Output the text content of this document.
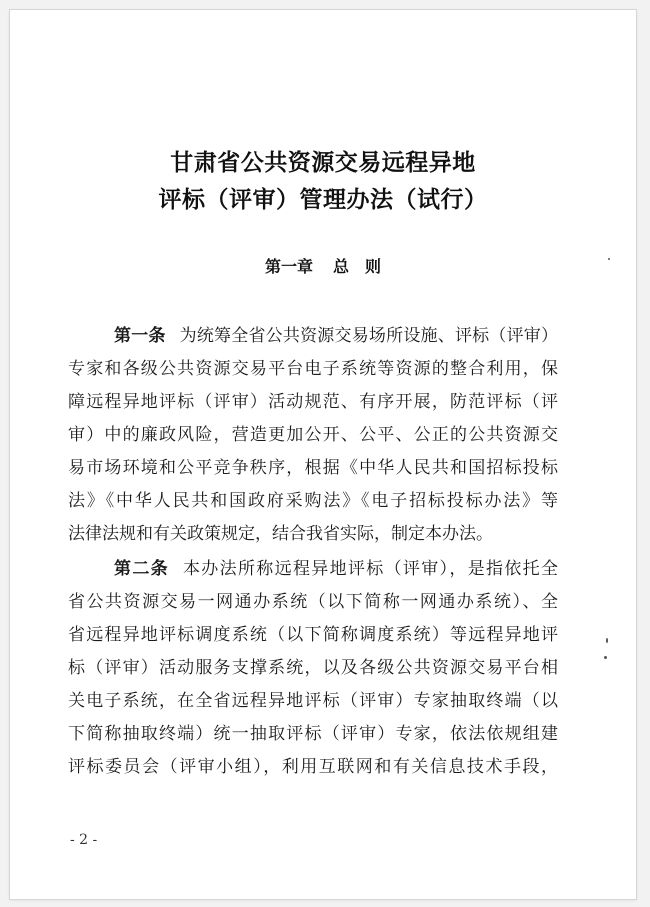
甘肃省公共资源交易远程异地
评标（评审）管理办法（试行）
第一章 总　则
第一条 为统筹全省公共资源交易场所设施、评标（评审）
专家和各级公共资源交易平台电子系统等资源的整合利用，保
障远程异地评标（评审）活动规范、有序开展，防范评标（评
审）中的廉政风险，营造更加公开、公平、公正的公共资源交
易市场环境和公平竞争秩序，根据《中华人民共和国招标投标
法》《中华人民共和国政府采购法》《电子招标投标办法》等
法律法规和有关政策规定，结合我省实际，制定本办法。
第二条 本办法所称远程异地评标（评审），是指依托全
省公共资源交易一网通办系统（以下简称一网通办系统）、全
省远程异地评标调度系统（以下简称调度系统）等远程异地评
标（评审）活动服务支撑系统，以及各级公共资源交易平台相
关电子系统，在全省远程异地评标（评审）专家抽取终端（以
下简称抽取终端）统一抽取评标（评审）专家，依法依规组建
评标委员会（评审小组），利用互联网和有关信息技术手段，
- 2 -
